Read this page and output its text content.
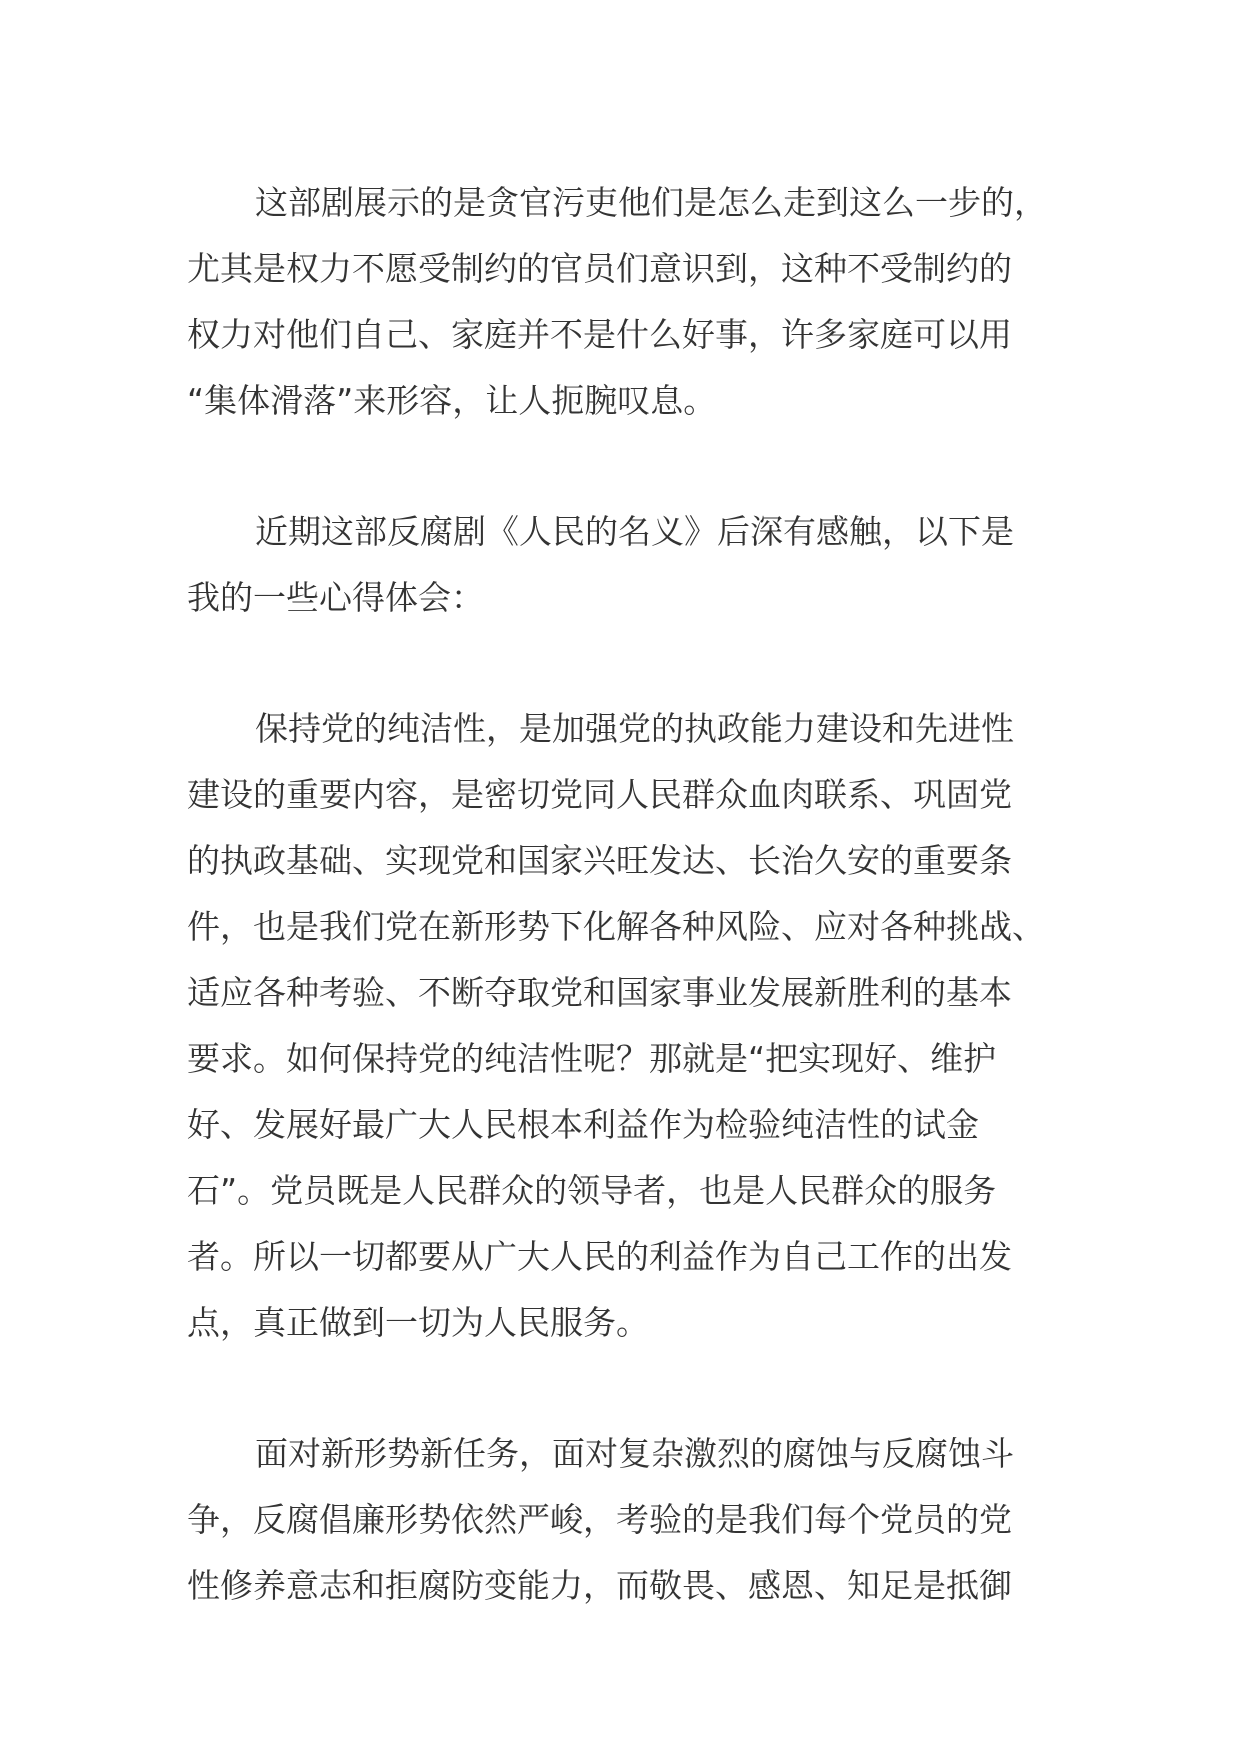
这部剧展示的是贪官污吏他们是怎么走到这么一步的，
尤其是权力不愿受制约的官员们意识到，这种不受制约的
权力对他们自己、家庭并不是什么好事，许多家庭可以用
“集体滑落”来形容，让人扼腕叹息。
近期这部反腐剧《人民的名义》后深有感触，以下是
我的一些心得体会：
保持党的纯洁性，是加强党的执政能力建设和先进性
建设的重要内容，是密切党同人民群众血肉联系、巩固党
的执政基础、实现党和国家兴旺发达、长治久安的重要条
件，也是我们党在新形势下化解各种风险、应对各种挑战、
适应各种考验、不断夺取党和国家事业发展新胜利的基本
要求。如何保持党的纯洁性呢？那就是“把实现好、维护
好、发展好最广大人民根本利益作为检验纯洁性的试金
石”。党员既是人民群众的领导者，也是人民群众的服务
者。所以一切都要从广大人民的利益作为自己工作的出发
点，真正做到一切为人民服务。
面对新形势新任务，面对复杂激烈的腐蚀与反腐蚀斗
争，反腐倡廉形势依然严峻，考验的是我们每个党员的党
性修养意志和拒腐防变能力，而敬畏、感恩、知足是抵御
